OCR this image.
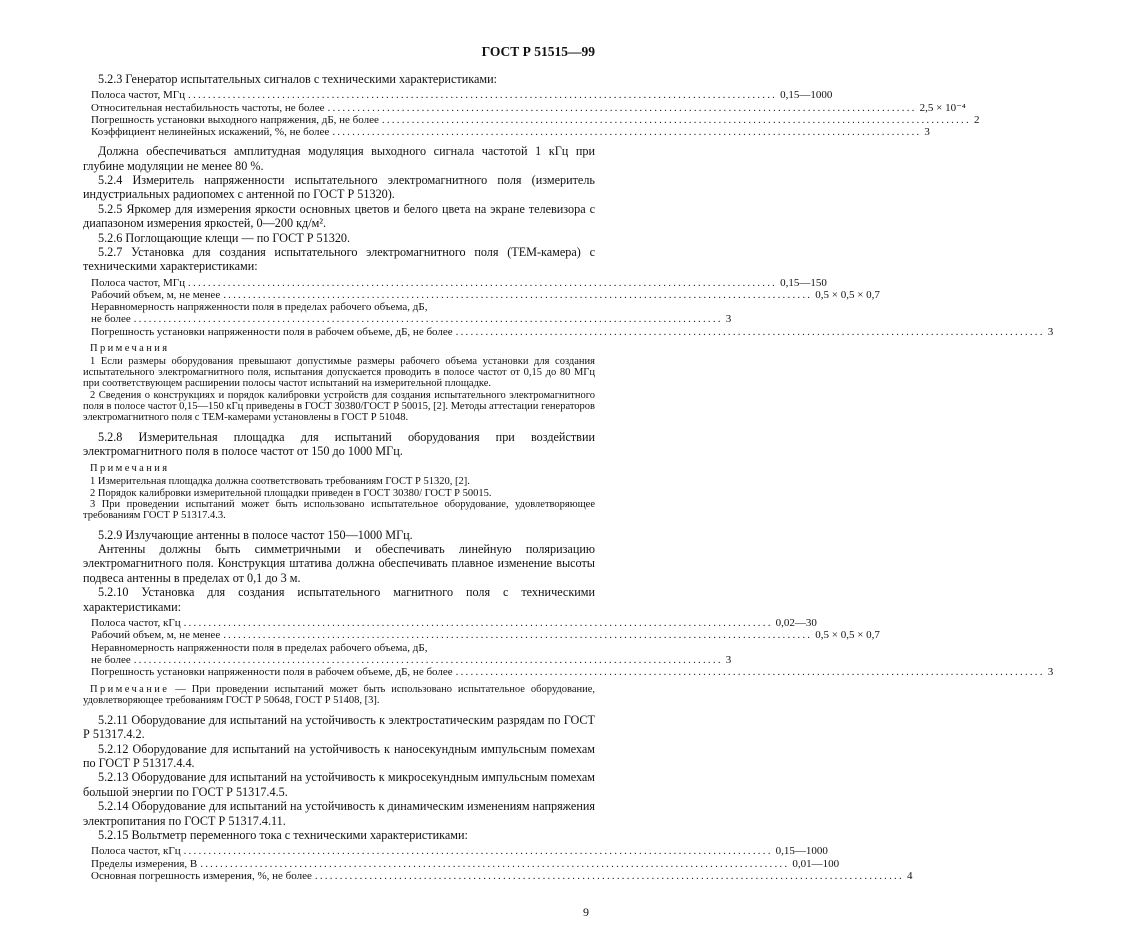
ГОСТ Р 51515—99

5.2.3 Генератор испытательных сигналов с техническими характеристиками:

Полоса частот, МГц ....................................................................................................................... 0,15—1000
Относительная нестабильность частоты, не более ....................................................................................................................... 2,5 × 10⁻⁴
Погрешность установки выходного напряжения, дБ, не более ....................................................................................................................... 2
Коэффициент нелинейных искажений, %, не более ....................................................................................................................... 3

Должна обеспечиваться амплитудная модуляция выходного сигнала частотой 1 кГц при глубине модуляции не менее 80 %.

5.2.4 Измеритель напряженности испытательного электромагнитного поля (измеритель индустриальных радиопомех с антенной по ГОСТ Р 51320).

5.2.5 Яркомер для измерения яркости основных цветов и белого цвета на экране телевизора с диапазоном измерения яркостей, 0—200 кд/м².

5.2.6 Поглощающие клещи — по ГОСТ Р 51320.

5.2.7 Установка для создания испытательного электромагнитного поля (ТЕМ-камера) с техническими характеристиками:

Полоса частот, МГц ....................................................................................................................... 0,15—150
Рабочий объем, м, не менее ....................................................................................................................... 0,5 × 0,5 × 0,7
Неравномерность напряженности поля в пределах рабочего объема, дБ,
не более ....................................................................................................................... 3
Погрешность установки напряженности поля в рабочем объеме, дБ, не более ....................................................................................................................... 3
Примечания

1 Если размеры оборудования превышают допустимые размеры рабочего объема установки для создания испытательного электромагнитного поля, испытания допускается проводить в полосе частот от 0,15 до 80 МГц при соответствующем расширении полосы частот испытаний на измерительной площадке.

2 Сведения о конструкциях и порядок калибровки устройств для создания испытательного электромагнитного поля в полосе частот 0,15—150 кГц приведены в ГОСТ 30380/ГОСТ Р 50015, [2]. Методы аттестации генераторов электромагнитного поля с ТЕМ-камерами установлены в ГОСТ Р 51048.

5.2.8 Измерительная площадка для испытаний оборудования при воздействии электромагнитного поля в полосе частот от 150 до 1000 МГц.

Примечания

1 Измерительная площадка должна соответствовать требованиям ГОСТ Р 51320, [2].

2 Порядок калибровки измерительной площадки приведен в ГОСТ 30380/ ГОСТ Р 50015.

3 При проведении испытаний может быть использовано испытательное оборудование, удовлетворяющее требованиям ГОСТ Р 51317.4.3.

5.2.9 Излучающие антенны в полосе частот 150—1000 МГц.

Антенны должны быть симметричными и обеспечивать линейную поляризацию электромагнитного поля. Конструкция штатива должна обеспечивать плавное изменение высоты подвеса антенны в пределах от 0,1 до 3 м.

5.2.10 Установка для создания испытательного магнитного поля с техническими характеристиками:

Полоса частот, кГц ....................................................................................................................... 0,02—30
Рабочий объем, м, не менее ....................................................................................................................... 0,5 × 0,5 × 0,7
Неравномерность напряженности поля в пределах рабочего объема, дБ,
не более ....................................................................................................................... 3
Погрешность установки напряженности поля в рабочем объеме, дБ, не более ....................................................................................................................... 3

Примечание — При проведении испытаний может быть использовано испытательное оборудование, удовлетворяющее требованиям ГОСТ Р 50648, ГОСТ Р 51408, [3].

5.2.11 Оборудование для испытаний на устойчивость к электростатическим разрядам по ГОСТ Р 51317.4.2.

5.2.12 Оборудование для испытаний на устойчивость к наносекундным импульсным помехам по ГОСТ Р 51317.4.4.

5.2.13 Оборудование для испытаний на устойчивость к микросекундным импульсным помехам большой энергии по ГОСТ Р 51317.4.5.

5.2.14 Оборудование для испытаний на устойчивость к динамическим изменениям напряжения электропитания по ГОСТ Р 51317.4.11.

5.2.15 Вольтметр переменного тока с техническими характеристиками:

Полоса частот, кГц ....................................................................................................................... 0,15—1000
Пределы измерения, В ....................................................................................................................... 0,01—100
Основная погрешность измерения, %, не более ....................................................................................................................... 4
9
